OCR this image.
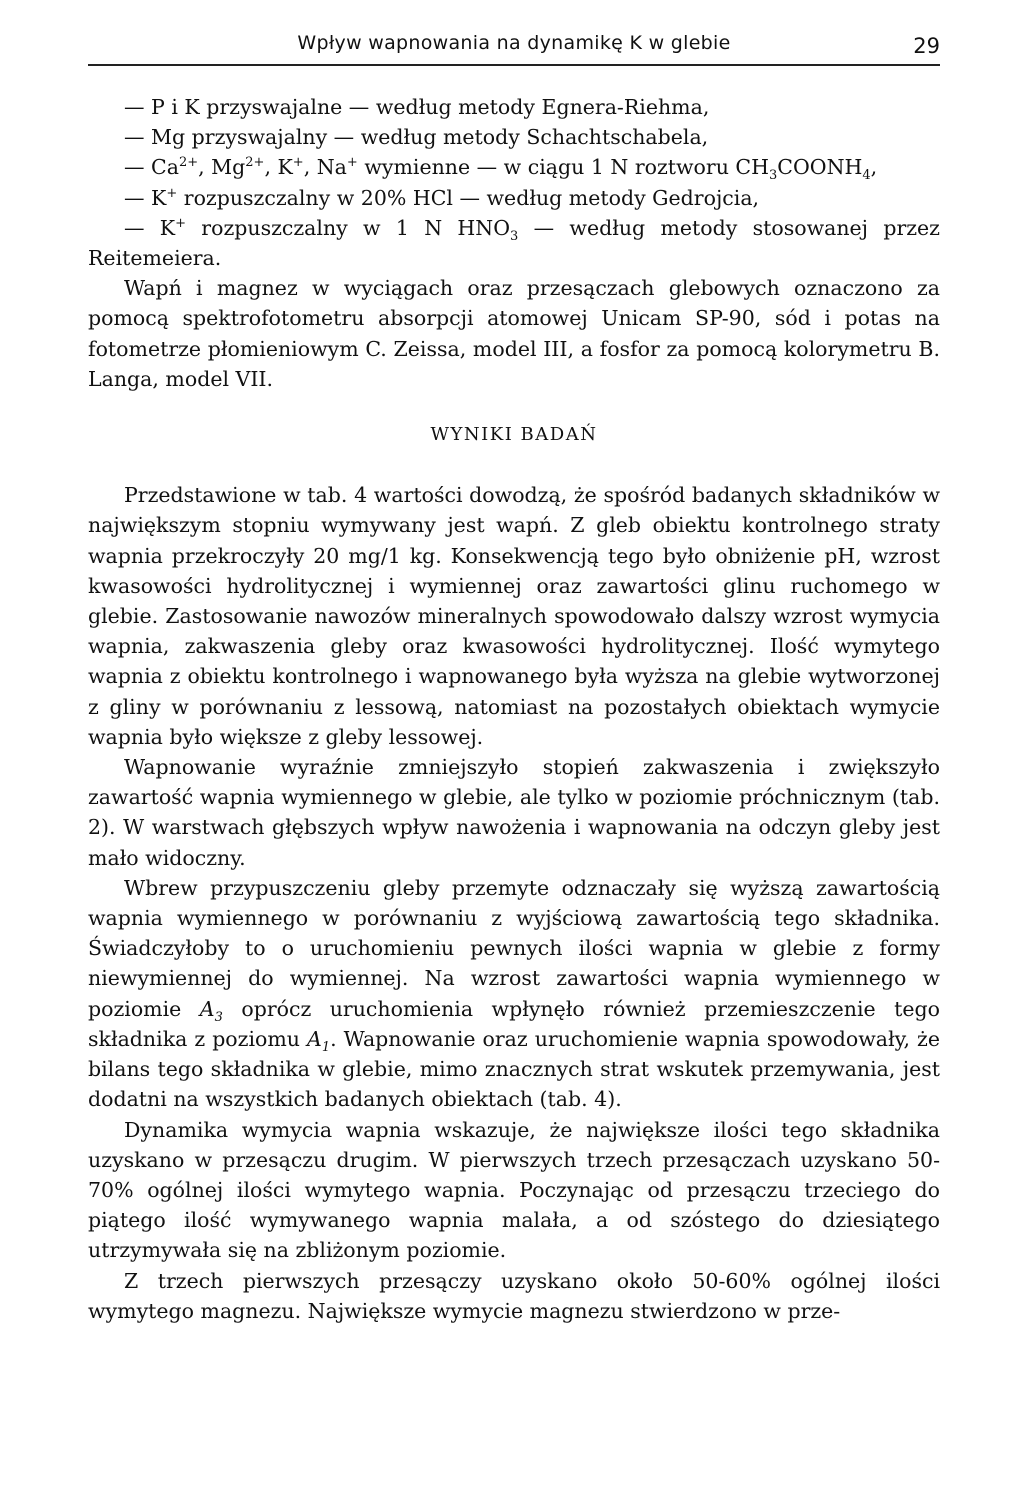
Wpływ wapnowania na dynamikę K w glebie	29

— P i K przyswajalne — według metody Egnera-Riehma,

— Mg przyswajalny — według metody Schachtschabela,

— $Ca^{2+}$, $Mg^{2+}$, K+, Na+ wymienne — w ciągu 1 N roztworu $CH_3COONH_4$,

— K+ rozpuszczalny w 20% HCl — według metody Gedrojcia,

— K+ rozpuszczalny w 1 N $HNO_3$ — według metody stosowanej przez Reitemeiera.

Wapń i magnez w wyciągach oraz przesączach glebowych oznaczono za pomocą spektrofotometru absorpcji atomowej Unicam SP-90, sód i potas na fotometrze płomieniowym C. Zeissa, model III, a fosfor za pomocą kolorymetru B. Langa, model VII.

WYNIKI BADAŃ

Przedstawione w tab. 4 wartości dowodzą, że spośród badanych składników w największym stopniu wymywany jest wapń. Z gleb obiektu kontrolnego straty wapnia przekroczyły 20 mg/1 kg. Konsekwencją tego było obniżenie pH, wzrost kwasowości hydrolitycznej i wymiennej oraz zawartości glinu ruchomego w glebie. Zastosowanie nawozów mineralnych spowodowało dalszy wzrost wymycia wapnia, zakwaszenia gleby oraz kwasowości hydrolitycznej. Ilość wymytego wapnia z obiektu kontrolnego i wapnowanego była wyższa na glebie wytworzonej z gliny w porównaniu z lessową, natomiast na pozostałych obiektach wymycie wapnia było większe z gleby lessowej.

Wapnowanie wyraźnie zmniejszyło stopień zakwaszenia i zwiększyło zawartość wapnia wymiennego w glebie, ale tylko w poziomie próchnicznym (tab. 2). W warstwach głębszych wpływ nawożenia i wapnowania na odczyn gleby jest mało widoczny.

Wbrew przypuszczeniu gleby przemyte odznaczały się wyższą zawartością wapnia wymiennego w porównaniu z wyjściową zawartością tego składnika. Świadczyłoby to o uruchomieniu pewnych ilości wapnia w glebie z formy niewymiennej do wymiennej. Na wzrost zawartości wapnia wymiennego w poziomie $A_3$ oprócz uruchomienia wpłynęło również przemieszczenie tego składnika z poziomu $A_1$. Wapnowanie oraz uruchomienie wapnia spowodowały, że bilans tego składnika w glebie, mimo znacznych strat wskutek przemywania, jest dodatni na wszystkich badanych obiektach (tab. 4).

Dynamika wymycia wapnia wskazuje, że największe ilości tego składnika uzyskano w przesączu drugim. W pierwszych trzech przesączach uzyskano 50-70% ogólnej ilości wymytego wapnia. Poczynając od przesączu trzeciego do piątego ilość wymywanego wapnia malała, a od szóstego do dziesiątego utrzymywała się na zbliżonym poziomie.

Z trzech pierwszych przesączy uzyskano około 50-60% ogólnej ilości wymytego magnezu. Największe wymycie magnezu stwierdzono w prze-
